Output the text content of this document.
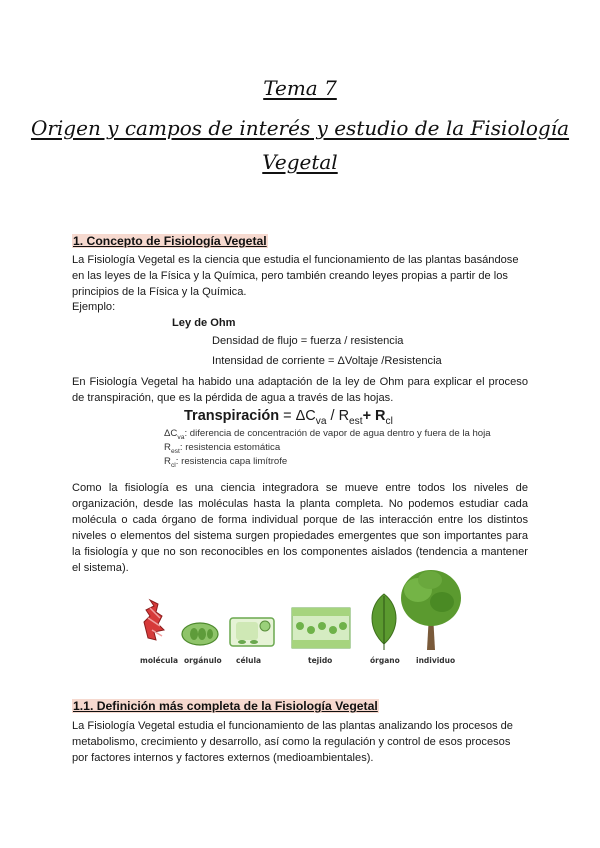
Tema 7
Origen y campos de interés y estudio de la Fisiología
Vegetal
1. Concepto de Fisiología Vegetal
La Fisiología Vegetal es la ciencia que estudia el funcionamiento de las plantas basándose
en las leyes de la Física y la Química, pero también creando leyes propias a partir de los
principios de la Física y la Química.
Ejemplo:
Ley de Ohm
Densidad de flujo = fuerza / resistencia
Intensidad de corriente = ΔVoltaje /Resistencia
En Fisiología Vegetal ha habido una adaptación de la ley de Ohm para explicar el proceso de transpiración, que es la pérdida de agua a través de las hojas.
Transpiración = $\Delta C_{va} / R_{est}+ R_{cl}$
$\Delta C_{va}$: diferencia de concentración de vapor de agua dentro y fuera de la hoja
$R_{est}$: resistencia estomática
$R_{cl}$: resistencia capa limítrofe
Como la fisiología es una ciencia integradora se mueve entre todos los niveles de organización, desde las moléculas hasta la planta completa. No podemos estudiar cada molécula o cada órgano de forma individual porque de las interacción entre los distintos niveles o elementos del sistema surgen propiedades emergentes que son importantes para la fisiología y que no son reconocibles en los componentes aislados (tendencia a mantener el sistema).
molécula orgánulo célula	tejido	órgano individuo
1.1. Definición más completa de la Fisiología Vegetal
La Fisiología Vegetal estudia el funcionamiento de las plantas analizando los procesos de metabolismo, crecimiento y desarrollo, así como la regulación y control de esos procesos por factores internos y factores externos (medioambientales).
